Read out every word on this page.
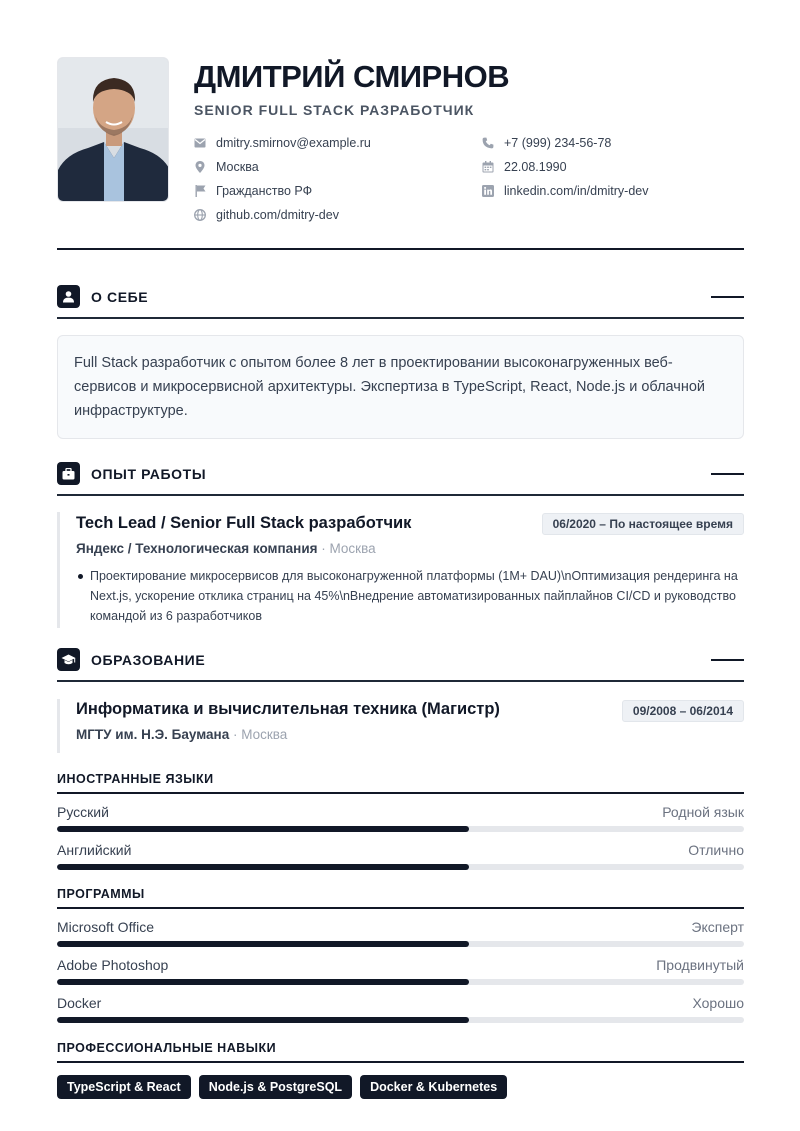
ДМИТРИЙ СМИРНОВ
SENIOR FULL STACK РАЗРАБОТЧИК
dmitry.smirnov@example.ru
Москва
Гражданство РФ
github.com/dmitry-dev
+7 (999) 234-56-78
22.08.1990
linkedin.com/in/dmitry-dev
О СЕБЕ
Full Stack разработчик с опытом более 8 лет в проектировании высоконагруженных веб-сервисов и микросервисной архитектуры. Экспертиза в TypeScript, React, Node.js и облачной инфраструктуре.
ОПЫТ РАБОТЫ
Tech Lead / Senior Full Stack разработчик	06/2020 – По настоящее время
Яндекс / Технологическая компания · Москва
Проектирование микросервисов для высоконагруженной платформы (1M+ DAU)\nОптимизация рендеринга на Next.js, ускорение отклика страниц на 45%\nВнедрение автоматизированных пайплайнов CI/CD и руководство командой из 6 разработчиков
ОБРАЗОВАНИЕ
Информатика и вычислительная техника (Магистр)	09/2008 – 06/2014
МГТУ им. Н.Э. Баумана · Москва
ИНОСТРАННЫЕ ЯЗЫКИ
Русский	Родной язык
Английский	Отлично
ПРОГРАММЫ
Microsoft Office	Эксперт
Adobe Photoshop	Продвинутый
Docker	Хорошо
ПРОФЕССИОНАЛЬНЫЕ НАВЫКИ
TypeScript & React	Node.js & PostgreSQL	Docker & Kubernetes
